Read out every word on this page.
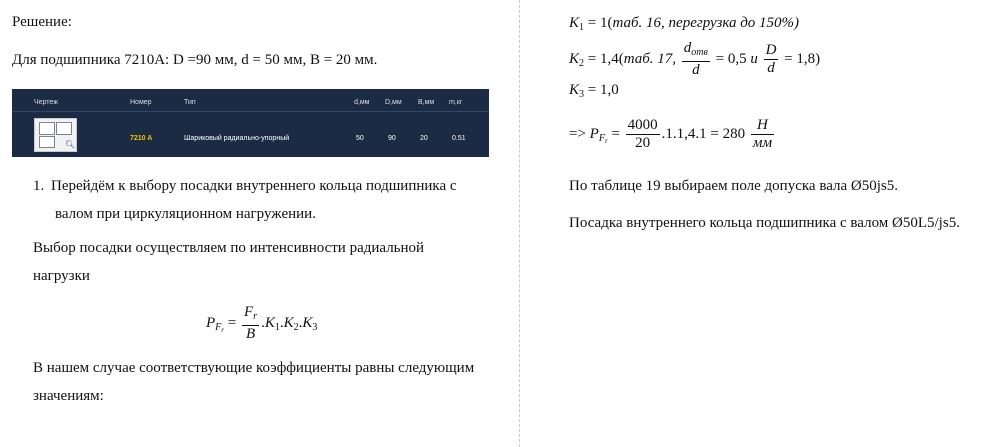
Решение:
Для подшипника 7210А: D =90 мм, d = 50 мм, В = 20 мм.
Чертеж	Номер	Тип	d,мм D,мм B,мм m,кг
🔍︎
7210 A	Шариковый радиально-упорный	50	90	20	0.51
1. Перейдём к выбору посадки внутреннего кольца подшипника с
валом при циркуляционном нагружении.
Выбор посадки осуществляем по интенсивности радиальной
нагрузки
$P_{F_r} = \frac{F_r}{B} .K_1.K_2.K_3$
В нашем случае соответствующие коэффициенты равны следующим
значениям:
$K_1 = 1(таб$. 16, перегрузка до 150%)
$K_2 = 1,4(таб$. 17, $\frac{d_{отв}}{d} = 0,5$ и $\frac{D}{d} = 1,8$)
$K_3 = 1,0$
=> $P_{F_r} = \frac{4000}{20} .1.1,4.1 = 280 \frac{Н}{мм}$
По таблице 19 выбираем поле допуска вала Ø50js5.
Посадка внутреннего кольца подшипника с валом Ø50L5/js5.
